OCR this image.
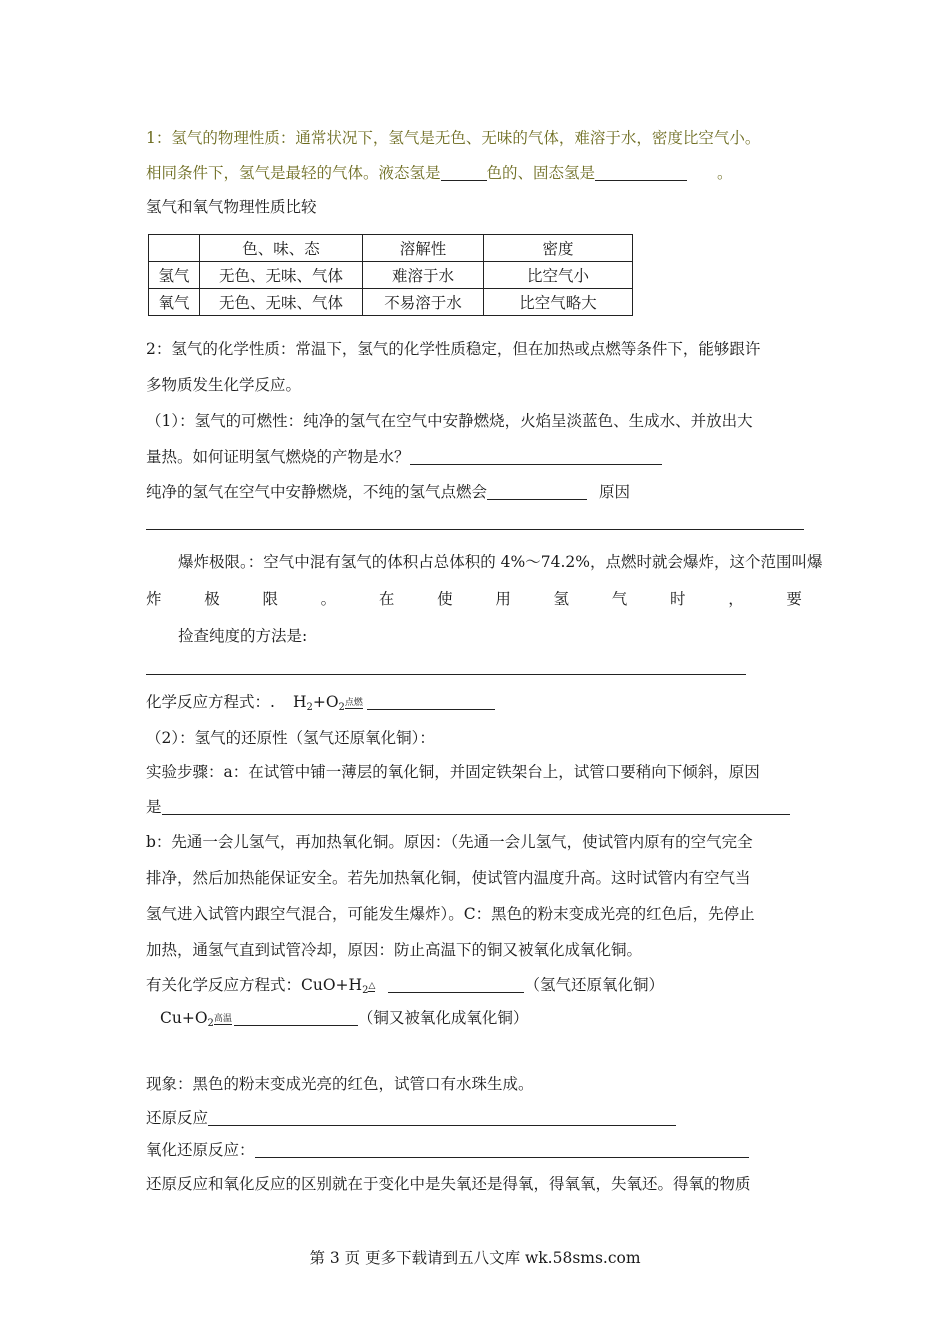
1：氢气的物理性质：通常状况下，氢气是无色、无味的气体，难溶于水，密度比空气小。
相同条件下，氢气是最轻的气体。液态氢是	色的、固态氢是	。
氢气和氧气物理性质比较
	色、味、态	溶解性	密度
氢气	无色、无味、气体	难溶于水	比空气小
氧气	无色、无味、气体	不易溶于水	比空气略大
2：氢气的化学性质：常温下，氢气的化学性质稳定，但在加热或点燃等条件下，能够跟许
多物质发生化学反应。
（1）：氢气的可燃性：纯净的氢气在空气中安静燃烧，火焰呈淡蓝色、生成水、并放出大
量热。如何证明氢气燃烧的产物是水？
纯净的氢气在空气中安静燃烧，不纯的氢气点燃会	原因
爆炸极限。：空气中混有氢气的体积占总体积的 4%～74.2%，点燃时就会爆炸，这个范围叫爆
炸	极	限	。	在	使	用	氢	气	时	，	要
捡查纯度的方法是:
化学反应方程式：. $H_2+O_2$ 点燃
（2）：氢气的还原性（氢气还原氧化铜）：
实验步骤：a：在试管中铺一薄层的氧化铜，并固定铁架台上，试管口要稍向下倾斜，原因
是
b：先通一会儿氢气，再加热氧化铜。原因：（先通一会儿氢气，使试管内原有的空气完全
排净，然后加热能保证安全。若先加热氧化铜，使试管内温度升高。这时试管内有空气当
氢气进入试管内跟空气混合，可能发生爆炸）。C：黑色的粉末变成光亮的红色后，先停止
加热，通氢气直到试管冷却，原因：防止高温下的铜又被氧化成氧化铜。
有关化学反应方程式：$CuO+H_2$ △	（氢气还原氧化铜）
$Cu+O_2$ 高温	（铜又被氧化成氧化铜）
现象：黑色的粉末变成光亮的红色，试管口有水珠生成。
还原反应
氧化还原反应：
还原反应和氧化反应的区别就在于变化中是失氧还是得氧，得氧氧，失氧还。得氧的物质
第 3 页 更多下载请到五八文库 wk.58sms.com
